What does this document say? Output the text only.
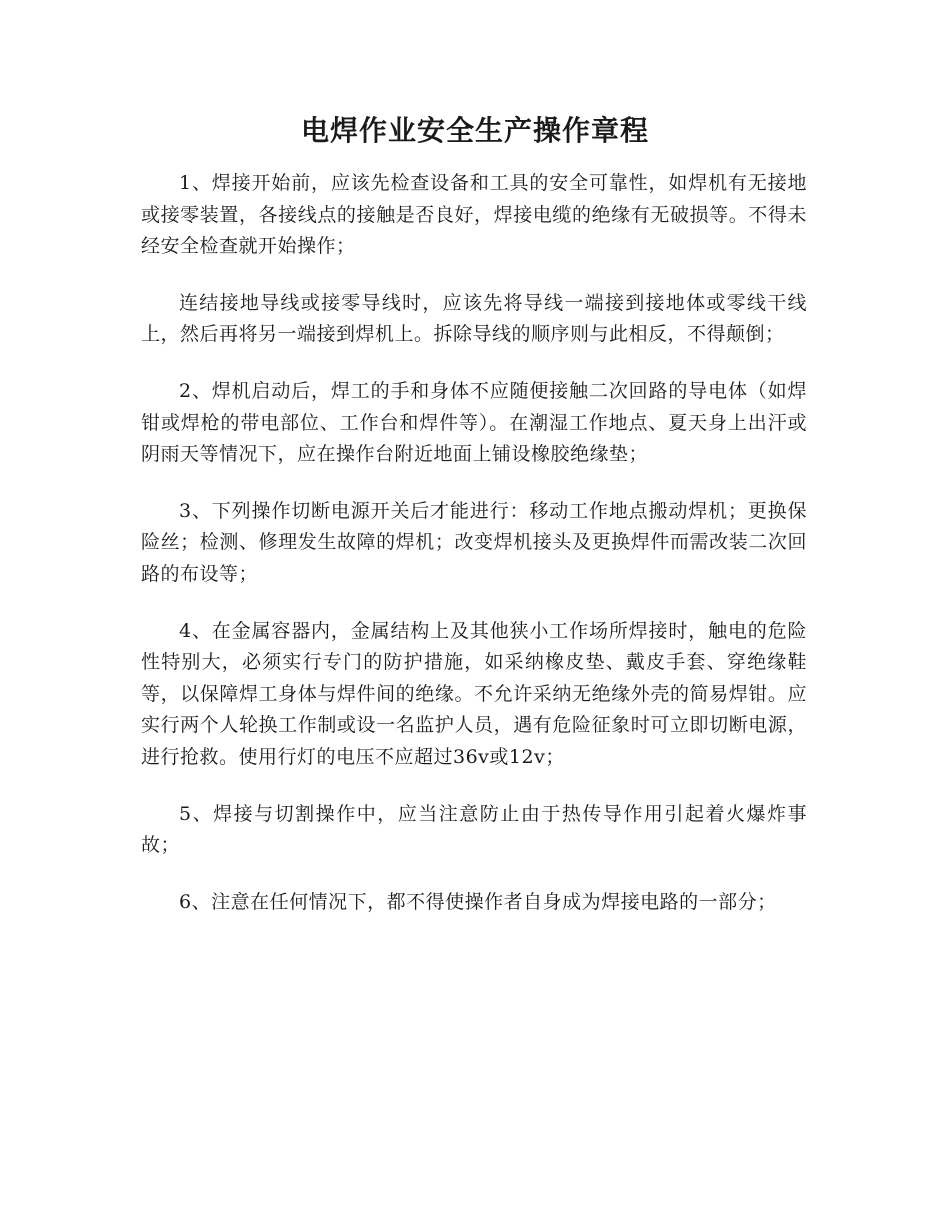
电焊作业安全生产操作章程

1、焊接开始前，应该先检查设备和工具的安全可靠性，如焊机有无接地或接零装置，各接线点的接触是否良好，焊接电缆的绝缘有无破损等。不得未经安全检查就开始操作；

连结接地导线或接零导线时，应该先将导线一端接到接地体或零线干线上，然后再将另一端接到焊机上。拆除导线的顺序则与此相反，不得颠倒；

2、焊机启动后，焊工的手和身体不应随便接触二次回路的导电体（如焊钳或焊枪的带电部位、工作台和焊件等）。在潮湿工作地点、夏天身上出汗或阴雨天等情况下，应在操作台附近地面上铺设橡胶绝缘垫；

3、下列操作切断电源开关后才能进行：移动工作地点搬动焊机；更换保险丝；检测、修理发生故障的焊机；改变焊机接头及更换焊件而需改装二次回路的布设等；

4、在金属容器内，金属结构上及其他狭小工作场所焊接时，触电的危险性特别大，必须实行专门的防护措施，如采纳橡皮垫、戴皮手套、穿绝缘鞋等，以保障焊工身体与焊件间的绝缘。不允许采纳无绝缘外壳的简易焊钳。应实行两个人轮换工作制或设一名监护人员，遇有危险征象时可立即切断电源，进行抢救。使用行灯的电压不应超过36v或12v；

5、焊接与切割操作中，应当注意防止由于热传导作用引起着火爆炸事故；

6、注意在任何情况下，都不得使操作者自身成为焊接电路的一部分；
